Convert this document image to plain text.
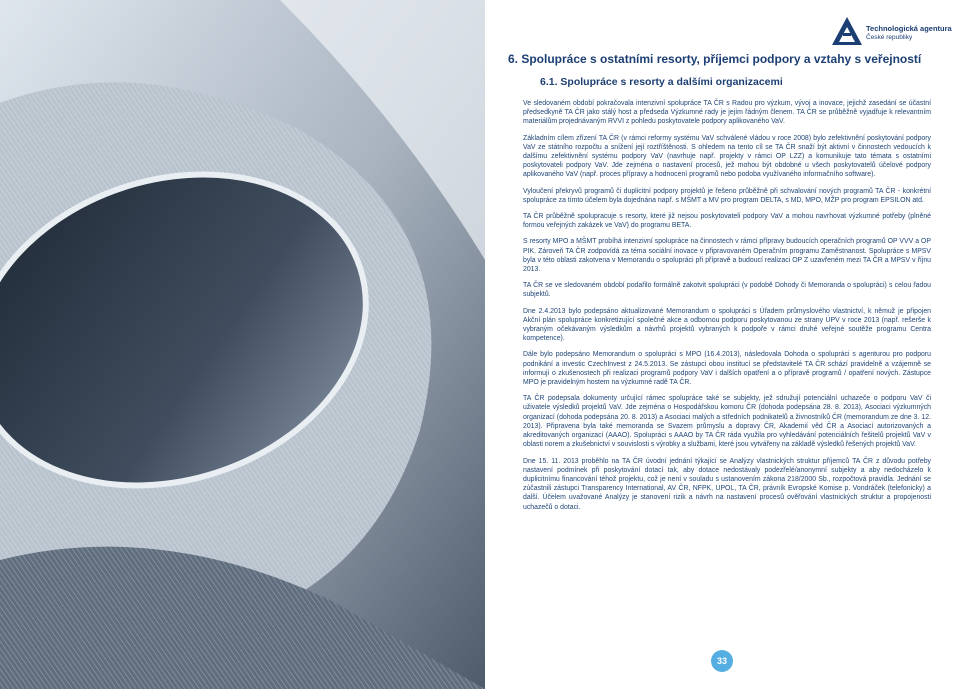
Technologická agentura
České republiky
6. Spolupráce s ostatními resorty, příjemci podpory a vztahy s veřejností
6.1. Spolupráce s resorty a dalšími organizacemi

Ve sledovaném období pokračovala intenzivní spolupráce TA ČR s Radou pro výzkum, vývoj a inovace, jejichž zasedání se účastní předsedkyně TA ČR jako stálý host a předseda Výzkumné rady je jejím řádným členem. TA ČR se průběžně vyjadřuje k relevantním materiálům projednávaným RVVI z pohledu poskytovatele podpory aplikovaného VaV.

Základním cílem zřízení TA ČR (v rámci reformy systému VaV schválené vládou v roce 2008) bylo zefektivnění poskytování podpory VaV ze státního rozpočtu a snížení její roztříštěnosti. S ohledem na tento cíl se TA ČR snaží být aktivní v činnostech vedoucích k dalšímu zefektivnění systému podpory VaV (navrhuje např. projekty v rámci OP LZZ) a komunikuje tato témata s ostatními poskytovateli podpory VaV. Jde zejména o nastavení procesů, jež mohou být obdobné u všech poskytovatelů účelové podpory aplikovaného VaV (např. proces přípravy a hodnocení programů nebo podoba využívaného informačního software).

Vyloučení překryvů programů či duplicitní podpory projektů je řešeno průběžně při schvalování nových programů TA ČR - konkrétní spolupráce za tímto účelem byla dojednána např. s MŠMT a MV pro program DELTA, s MD, MPO, MŽP pro program EPSILON atd.

TA ČR průběžně spolupracuje s resorty, které již nejsou poskytovateli podpory VaV a mohou navrhovat výzkumné potřeby (plněné formou veřejných zakázek ve VaV) do programu BETA.

S resorty MPO a MŠMT probíhá intenzivní spolupráce na činnostech v rámci přípravy budoucích operačních programů OP VVV a OP PIK. Zároveň TA ČR zodpovídá za téma sociální inovace v připravovaném Operačním programu Zaměstnanost. Spolupráce s MPSV byla v této oblasti zakotvena v Memorandu o spolupráci při přípravě a budoucí realizaci OP Z uzavřeném mezi TA ČR a MPSV v říjnu 2013.

TA ČR se ve sledovaném období podařilo formálně zakotvit spolupráci (v podobě Dohody či Memoranda o spolupráci) s celou řadou subjektů.

Dne 2.4.2013 bylo podepsáno aktualizované Memorandum o spolupráci s Úřadem průmyslového vlastnictví, k němuž je připojen Akční plán spolupráce konkretizující společné akce a odbornou podporu poskytovanou ze strany ÚPV v roce 2013 (např. rešerše k vybraným očekávaným výsledkům a návrhů projektů vybraných k podpoře v rámci druhé veřejné soutěže programu Centra kompetence).

Dále bylo podepsáno Memorandum o spolupráci s MPO (16.4.2013), následovala Dohoda o spolupráci s agenturou pro podporu podnikání a investic CzechInvest z 24.5.2013. Se zástupci obou institucí se představitelé TA ČR schází pravidelně a vzájemně se informují o zkušenostech při realizaci programů podpory VaV i dalších opatření a o přípravě programů / opatření nových. Zástupce MPO je pravidelným hostem na výzkumné radě TA ČR.

TA ČR podepsala dokumenty určující rámec spolupráce také se subjekty, jež sdružují potenciální uchazeče o podporu VaV či uživatele výsledků projektů VaV. Jde zejména o Hospodářskou komoru ČR (dohoda podepsána 28. 8. 2013), Asociaci výzkumných organizací (dohoda podepsána 20. 8. 2013) a Asociaci malých a středních podnikatelů a živnostníků ČR (memorandum ze dne 3. 12. 2013). Připravena byla také memoranda se Svazem průmyslu a dopravy ČR, Akademií věd ČR a Asociací autorizovaných a akreditovaných organizací (AAAO). Spolupráci s AAAO by TA ČR ráda využila pro vyhledávání potenciálních řešitelů projektů VaV v oblasti norem a zkušebnictví v souvislosti s výrobky a službami, které jsou vytvářeny na základě výsledků řešených projektů VaV.

Dne 15. 11. 2013 proběhlo na TA ČR úvodní jednání týkající se Analýzy vlastnických struktur příjemců TA ČR z důvodu potřeby nastavení podmínek při poskytování dotací tak, aby dotace nedostávaly podezřelé/anonymní subjekty a aby nedocházelo k duplicitnímu financování téhož projektu, což je není v souladu s ustanovením zákona 218/2000 Sb., rozpočtová pravidla. Jednání se zúčastnili zástupci Transparency International, AV ČR, NFPK, UPOL, TA ČR, právník Evropské Komise p. Vondráček (telefonicky) a další. Účelem uvažované Analýzy je stanovení rizik a návrh na nastavení procesů ověřování vlastnických struktur a propojenosti uchazečů o dotaci.

33
